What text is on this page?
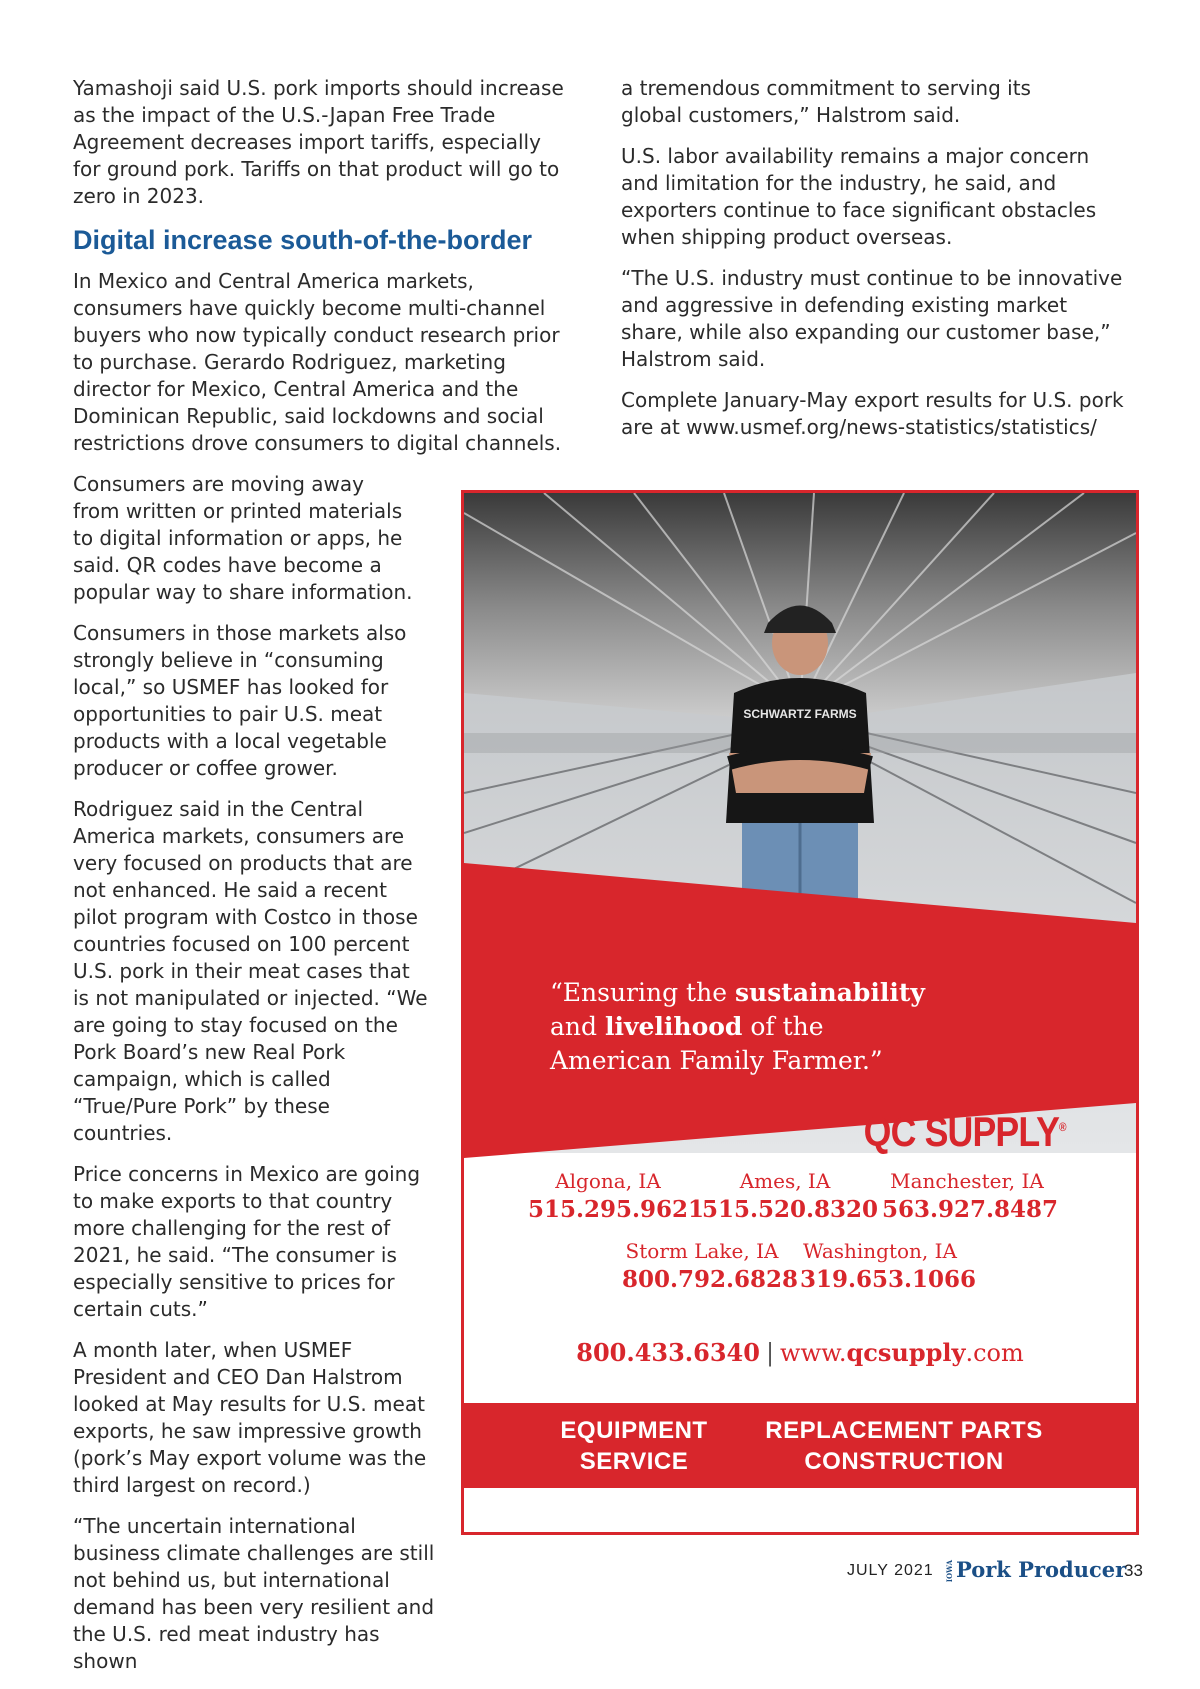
Yamashoji said U.S. pork imports should increase as the impact of the U.S.-Japan Free Trade Agreement decreases import tariffs, especially for ground pork. Tariffs on that product will go to zero in 2023.

Digital increase south-of-the-border

In Mexico and Central America markets, consumers have quickly become multi-channel buyers who now typically conduct research prior to purchase. Gerardo Rodriguez, marketing director for Mexico, Central America and the Dominican Republic, said lockdowns and social restrictions drove consumers to digital channels.

Consumers are moving away from written or printed materials to digital information or apps, he said. QR codes have become a popular way to share information.

Consumers in those markets also strongly believe in “consuming local,” so USMEF has looked for opportunities to pair U.S. meat products with a local vegetable producer or coffee grower.

Rodriguez said in the Central America markets, consumers are very focused on products that are not enhanced. He said a recent pilot program with Costco in those countries focused on 100 percent U.S. pork in their meat cases that is not manipulated or injected. “We are going to stay focused on the Pork Board’s new Real Pork campaign, which is called “True/Pure Pork” by these countries.

Price concerns in Mexico are going to make exports to that country more challenging for the rest of 2021, he said. “The consumer is especially sensitive to prices for certain cuts.”

A month later, when USMEF President and CEO Dan Halstrom looked at May results for U.S. meat exports, he saw impressive growth (pork’s May export volume was the third largest on record.)

“The uncertain international business climate challenges are still not behind us, but international demand has been very resilient and the U.S. red meat industry has shown

a tremendous commitment to serving its global customers,” Halstrom said.

U.S. labor availability remains a major concern and limitation for the industry, he said, and exporters continue to face significant obstacles when shipping product overseas.

“The U.S. industry must continue to be innovative and aggressive in defending existing market share, while also expanding our customer base,” Halstrom said.

Complete January-May export results for U.S. pork are at www.usmef.org/news-statistics/statistics/

SCHWARTZ FARMS
“Ensuring the sustainability
and livelihood of the
American Family Farmer.”
QC SUPPLY®
Algona, IA
515.295.9621
Ames, IA
515.520.8320
Manchester, IA
563.927.8487
Storm Lake, IA
800.792.6828
Washington, IA
319.653.1066
800.433.6340 | www.qcsupply.com
EQUIPMENT
SERVICE
REPLACEMENT PARTS
CONSTRUCTION
JULY 2021 IOWAPork Producer
33
